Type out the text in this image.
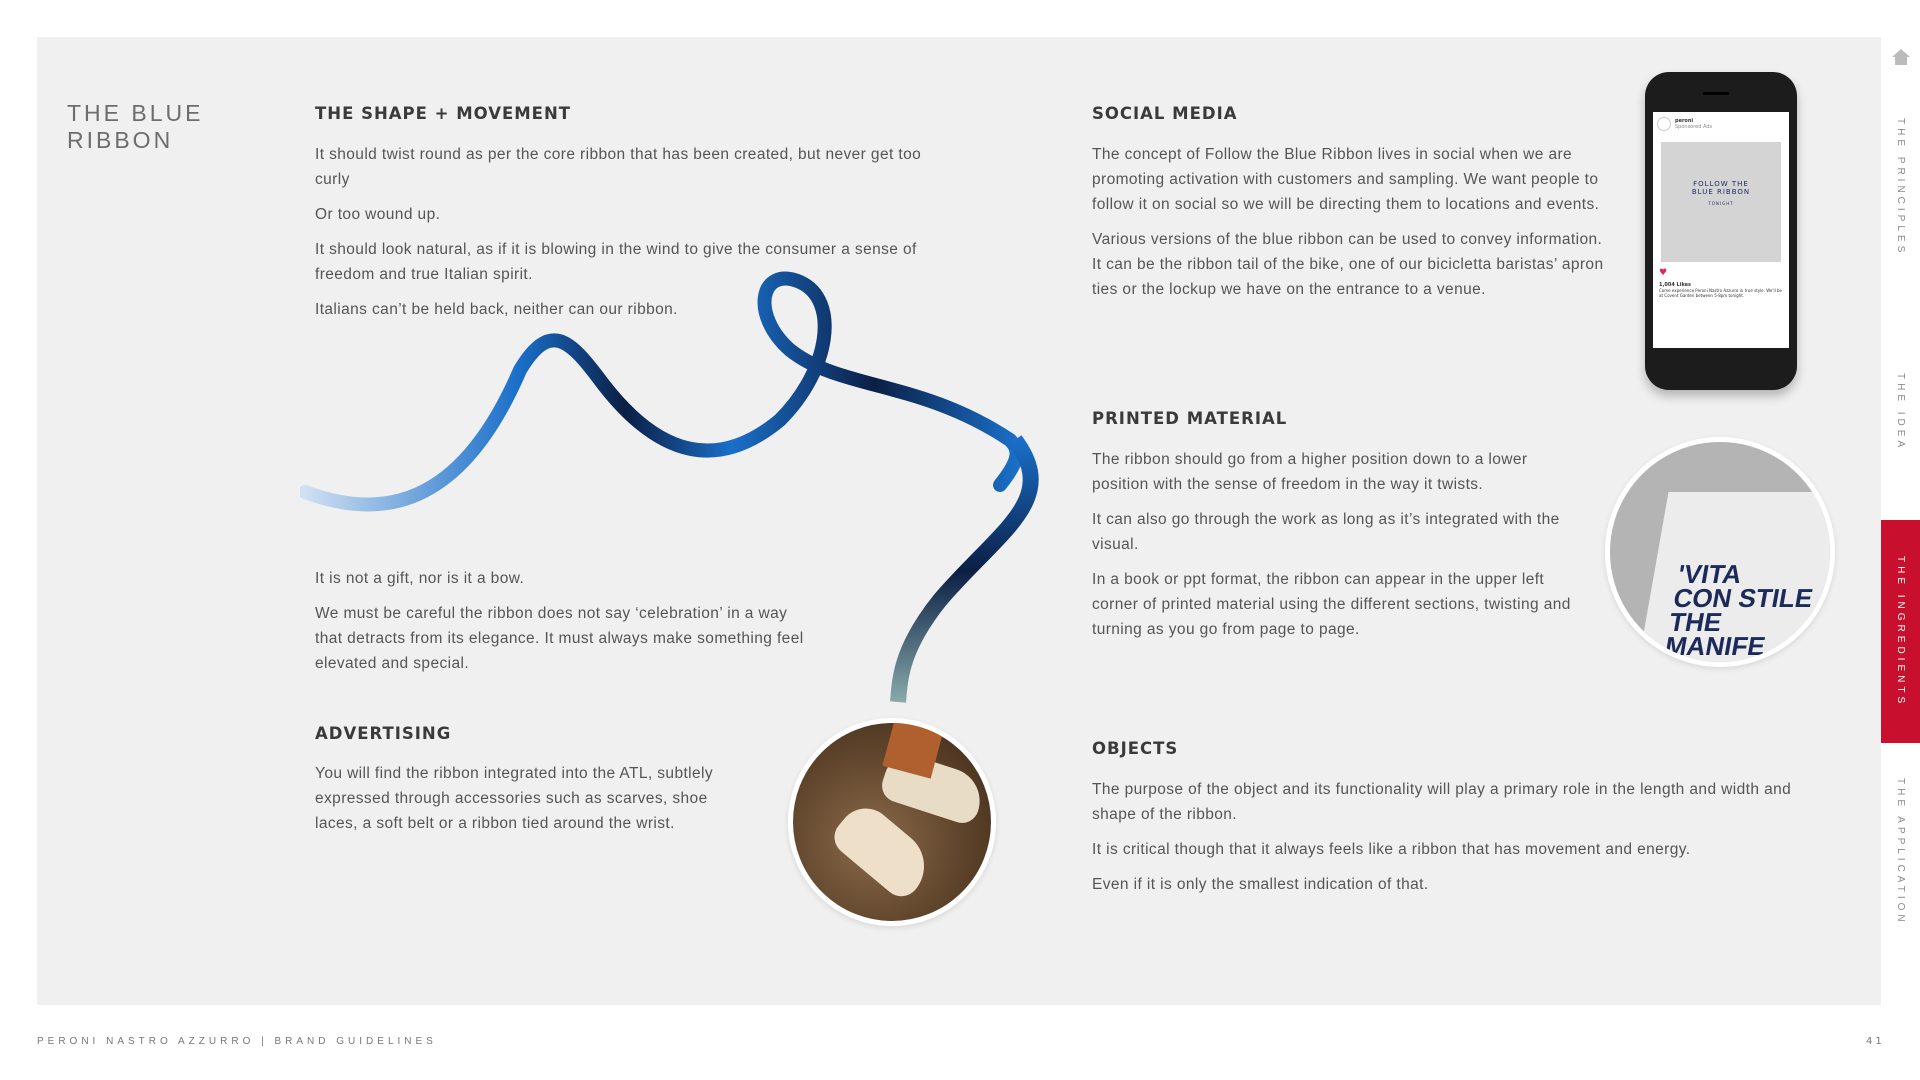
THE BLUE
RIBBON
THE SHAPE + MOVEMENT

It should twist round as per the core ribbon that has been created, but never get too curly

Or too wound up.

It should look natural, as if it is blowing in the wind to give the consumer a sense of freedom and true Italian spirit.

Italians can’t be held back, neither can our ribbon.

It is not a gift, nor is it a bow.

We must be careful the ribbon does not say ‘celebration’ in a way that detracts from its elegance. It must always make something feel elevated and special.

ADVERTISING

You will find the ribbon integrated into the ATL, subtlely expressed through accessories such as scarves, shoe laces, a soft belt or a ribbon tied around the wrist.

SOCIAL MEDIA

The concept of Follow the Blue Ribbon lives in social when we are promoting activation with customers and sampling. We want people to follow it on social so we will be directing them to locations and events.

Various versions of the blue ribbon can be used to convey information. It can be the ribbon tail of the bike, one of our bicicletta baristas’ apron ties or the lockup we have on the entrance to a venue.

peroni
Sponsored Ads
FOLLOW THE
BLUE RIBBON
TONIGHT
♥
1,004 Likes
Come experience Peroni Nastro Azzurro in true style. We'll be at Covent Garden between 5-8pm tonight.
PRINTED MATERIAL

The ribbon should go from a higher position down to a lower position with the sense of freedom in the way it twists.

It can also go through the work as long as it’s integrated with the visual.

In a book or ppt format, the ribbon can appear in the upper left corner of printed material using the different sections, twisting and turning as you go from page to page.

'VITA
CON STILE
THE
MANIFE
OBJECTS

The purpose of the object and its functionality will play a primary role in the length and width and shape of the ribbon.

It is critical though that it always feels like a ribbon that has movement and energy.

Even if it is only the smallest indication of that.

THE PRINCIPLES
THE IDEA
THE INGREDIENTS
THE APPLICATION
PERONI NASTRO AZZURRO | BRAND GUIDELINES	41
